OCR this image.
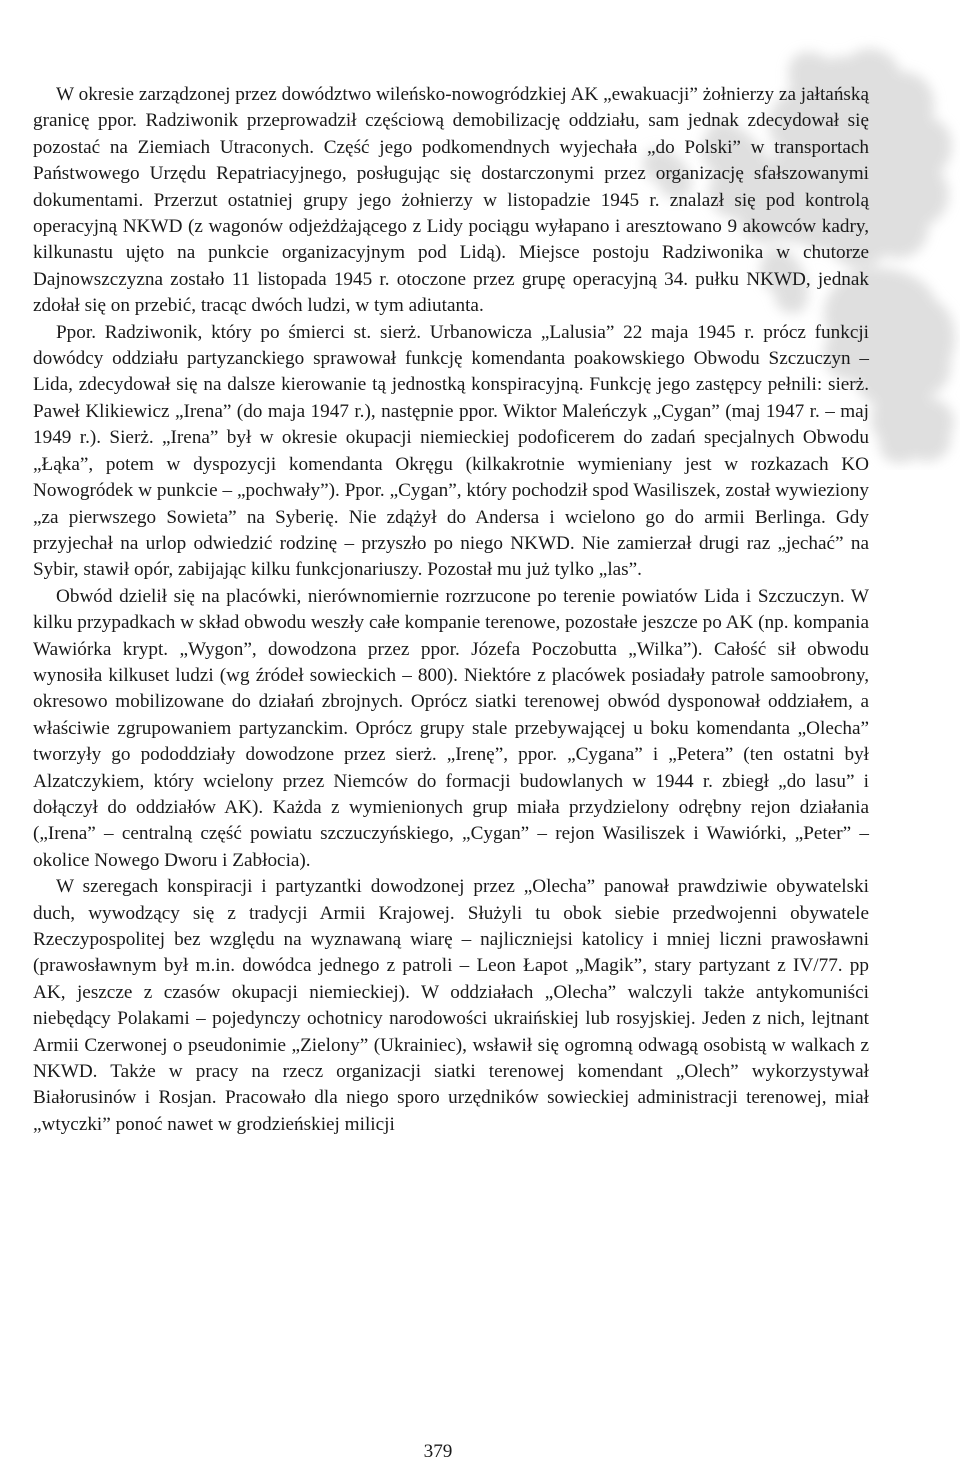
W okresie zarządzonej przez dowództwo wileńsko-nowogródzkiej AK „ewakuacji” żołnierzy za jałtańską granicę ppor. Radziwonik przeprowadził częściową demobilizację oddziału, sam jednak zdecydował się pozostać na Ziemiach Utraconych. Część jego podkomendnych wyjechała „do Polski” w transportach Państwowego Urzędu Repatriacyjnego, posługując się dostarczonymi przez organizację sfałszowanymi dokumentami. Przerzut ostatniej grupy jego żołnierzy w listopadzie 1945 r. znalazł się pod kontrolą operacyjną NKWD (z wagonów odjeżdżającego z Lidy pociągu wyłapano i aresztowano 9 akowców kadry, kilkunastu ujęto na punkcie organizacyjnym pod Lidą). Miejsce postoju Radziwonika w chutorze Dajnowszczyzna zostało 11 listopada 1945 r. otoczone przez grupę operacyjną 34. pułku NKWD, jednak zdołał się on przebić, tracąc dwóch ludzi, w tym adiutanta.

Ppor. Radziwonik, który po śmierci st. sierż. Urbanowicza „Lalusia” 22 maja 1945 r. prócz funkcji dowódcy oddziału partyzanckiego sprawował funkcję komendanta poakowskiego Obwodu Szczuczyn – Lida, zdecydował się na dalsze kierowanie tą jednostką konspiracyjną. Funkcję jego zastępcy pełnili: sierż. Paweł Klikiewicz „Irena” (do maja 1947 r.), następnie ppor. Wiktor Maleńczyk „Cygan” (maj 1947 r. – maj 1949 r.). Sierż. „Irena” był w okresie okupacji niemieckiej podoficerem do zadań specjalnych Obwodu „Łąka”, potem w dyspozycji komendanta Okręgu (kilkakrotnie wymieniany jest w rozkazach KO Nowogródek w punkcie – „pochwały”). Ppor. „Cygan”, który pochodził spod Wasiliszek, został wywieziony „za pierwszego Sowieta” na Syberię. Nie zdążył do Andersa i wcielono go do armii Berlinga. Gdy przyjechał na urlop odwiedzić rodzinę – przyszło po niego NKWD. Nie zamierzał drugi raz „jechać” na Sybir, stawił opór, zabijając kilku funkcjonariuszy. Pozostał mu już tylko „las”.

Obwód dzielił się na placówki, nierównomiernie rozrzucone po terenie powiatów Lida i Szczuczyn. W kilku przypadkach w skład obwodu weszły całe kompanie terenowe, pozostałe jeszcze po AK (np. kompania Wawiórka krypt. „Wygon”, dowodzona przez ppor. Józefa Poczobutta „Wilka”). Całość sił obwodu wynosiła kilkuset ludzi (wg źródeł sowieckich – 800). Niektóre z placówek posiadały patrole samoobrony, okresowo mobilizowane do działań zbrojnych. Oprócz siatki terenowej obwód dysponował oddziałem, a właściwie zgrupowaniem partyzanckim. Oprócz grupy stale przebywającej u boku komendanta „Olecha” tworzyły go pododdziały dowodzone przez sierż. „Irenę”, ppor. „Cygana” i „Petera” (ten ostatni był Alzatczykiem, który wcielony przez Niemców do formacji budowlanych w 1944 r. zbiegł „do lasu” i dołączył do oddziałów AK). Każda z wymienionych grup miała przydzielony odrębny rejon działania („Irena” – centralną część powiatu szczuczyńskiego, „Cygan” – rejon Wasiliszek i Wawiórki, „Peter” – okolice Nowego Dworu i Zabłocia).

W szeregach konspiracji i partyzantki dowodzonej przez „Olecha” panował prawdziwie obywatelski duch, wywodzący się z tradycji Armii Krajowej. Służyli tu obok siebie przedwojenni obywatele Rzeczypospolitej bez względu na wyznawaną wiarę – najliczniejsi katolicy i mniej liczni prawosławni (prawosławnym był m.in. dowódca jednego z patroli – Leon Łapot „Magik”, stary partyzant z IV/77. pp AK, jeszcze z czasów okupacji niemieckiej). W oddziałach „Olecha” walczyli także antykomuniści niebędący Polakami – pojedynczy ochotnicy narodowości ukraińskiej lub rosyjskiej. Jeden z nich, lejtnant Armii Czerwonej o pseudonimie „Zielony” (Ukrainiec), wsławił się ogromną odwagą osobistą w walkach z NKWD. Także w pracy na rzecz organizacji siatki terenowej komendant „Olech” wykorzystywał Białorusinów i Rosjan. Pracowało dla niego sporo urzędników sowieckiej administracji terenowej, miał „wtyczki” ponoć nawet w grodzieńskiej milicji

379
